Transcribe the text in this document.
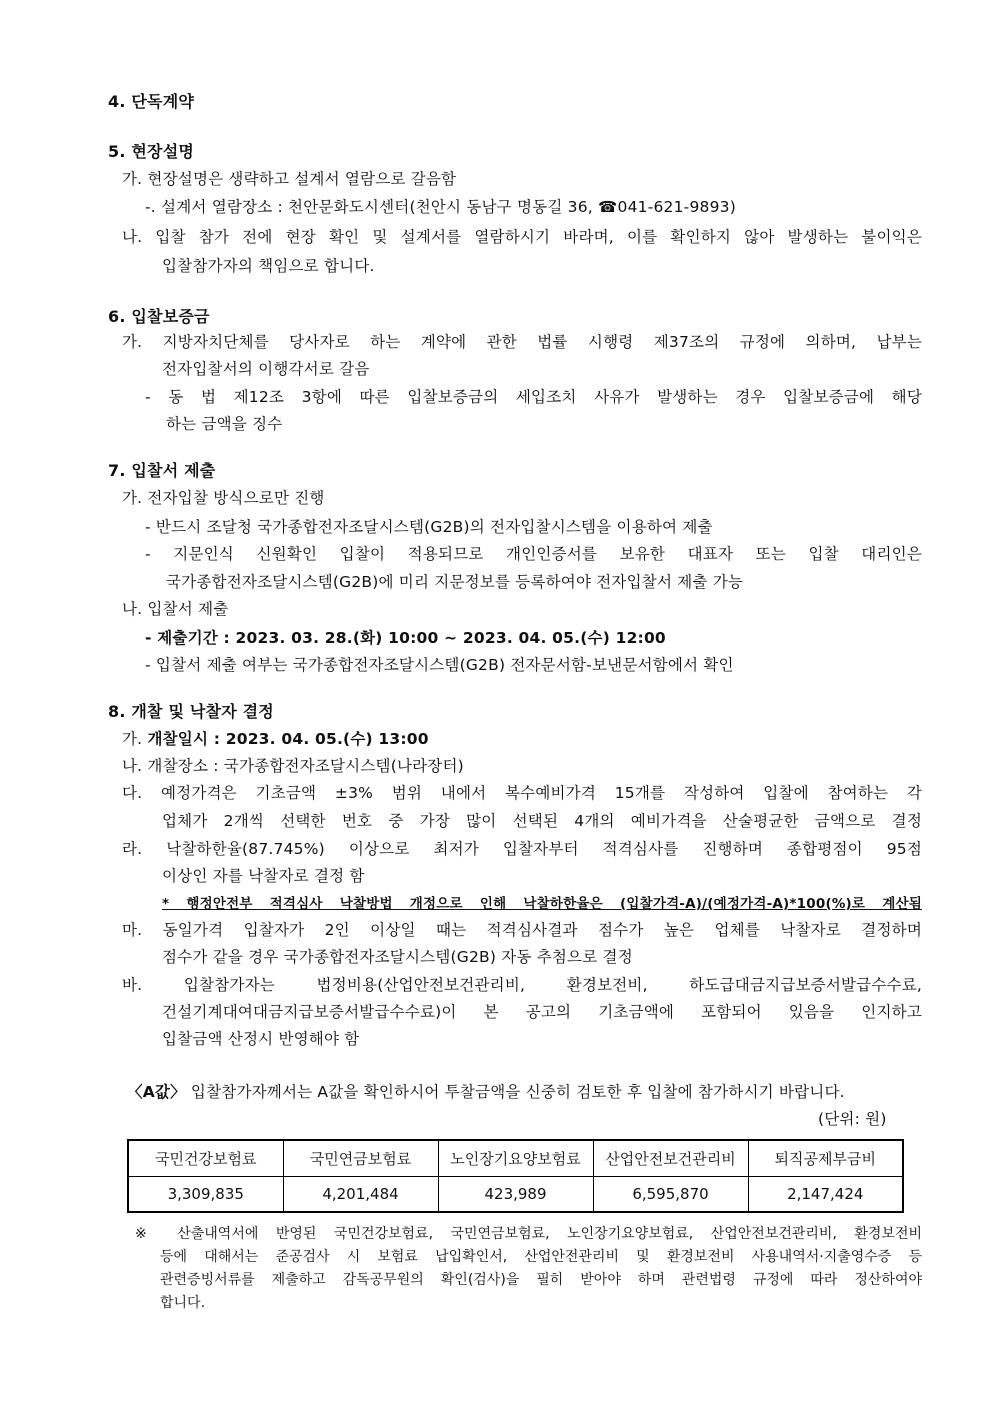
4. 단독계약
5. 현장설명
가. 현장설명은 생략하고 설계서 열람으로 갈음함
-. 설계서 열람장소 : 천안문화도시센터(천안시 동남구 명동길 36, ☎041-621-9893)
나. 입찰 참가 전에 현장 확인 및 설계서를 열람하시기 바라며, 이를 확인하지 않아 발생하는 불이익은
입찰참가자의 책임으로 합니다.
6. 입찰보증금
가. 지방자치단체를 당사자로 하는 계약에 관한 법률 시행령 제37조의 규정에 의하며, 납부는
전자입찰서의 이행각서로 갈음
- 동 법 제12조 3항에 따른 입찰보증금의 세입조치 사유가 발생하는 경우 입찰보증금에 해당
하는 금액을 징수
7. 입찰서 제출
가. 전자입찰 방식으로만 진행
- 반드시 조달청 국가종합전자조달시스템(G2B)의 전자입찰시스템을 이용하여 제출
- 지문인식 신원확인 입찰이 적용되므로 개인인증서를 보유한 대표자 또는 입찰 대리인은
국가종합전자조달시스템(G2B)에 미리 지문정보를 등록하여야 전자입찰서 제출 가능
나. 입찰서 제출
- 제출기간 : 2023. 03. 28.(화) 10:00 ~ 2023. 04. 05.(수) 12:00
- 입찰서 제출 여부는 국가종합전자조달시스템(G2B) 전자문서함-보낸문서함에서 확인
8. 개찰 및 낙찰자 결정
가. 개찰일시 : 2023. 04. 05.(수) 13:00
나. 개찰장소 : 국가종합전자조달시스템(나라장터)
다. 예정가격은 기초금액 ±3% 범위 내에서 복수예비가격 15개를 작성하여 입찰에 참여하는 각
업체가 2개씩 선택한 번호 중 가장 많이 선택된 4개의 예비가격을 산술평균한 금액으로 결정
라. 낙찰하한율(87.745%) 이상으로 최저가 입찰자부터 적격심사를 진행하며 종합평점이 95점
이상인 자를 낙찰자로 결정 함
* 행정안전부 적격심사 낙찰방법 개정으로 인해 낙찰하한율은 (입찰가격-A)/(예정가격-A)*100(%)로 계산됨
마. 동일가격 입찰자가 2인 이상일 때는 적격심사결과 점수가 높은 업체를 낙찰자로 결정하며
점수가 같을 경우 국가종합전자조달시스템(G2B) 자동 추첨으로 결정
바. 입찰참가자는 법정비용(산업안전보건관리비, 환경보전비, 하도급대금지급보증서발급수수료,
건설기계대여대금지급보증서발급수수료)이 본 공고의 기초금액에 포함되어 있음을 인지하고
입찰금액 산정시 반영해야 함
〈A값〉 입찰참가자께서는 A값을 확인하시어 투찰금액을 신중히 검토한 후 입찰에 참가하시기 바랍니다.
(단위: 원)
국민건강보험료	국민연금보험료	노인장기요양보험료	산업안전보건관리비	퇴직공제부금비
3,309,835	4,201,484	423,989	6,595,870	2,147,424
※ 산출내역서에 반영된 국민건강보험료, 국민연금보험료, 노인장기요양보험료, 산업안전보건관리비, 환경보전비
등에 대해서는 준공검사 시 보험료 납입확인서, 산업안전관리비 및 환경보전비 사용내역서·지출영수증 등
관련증빙서류를 제출하고 감독공무원의 확인(검사)을 필히 받아야 하며 관련법령 규정에 따라 정산하여야
합니다.
